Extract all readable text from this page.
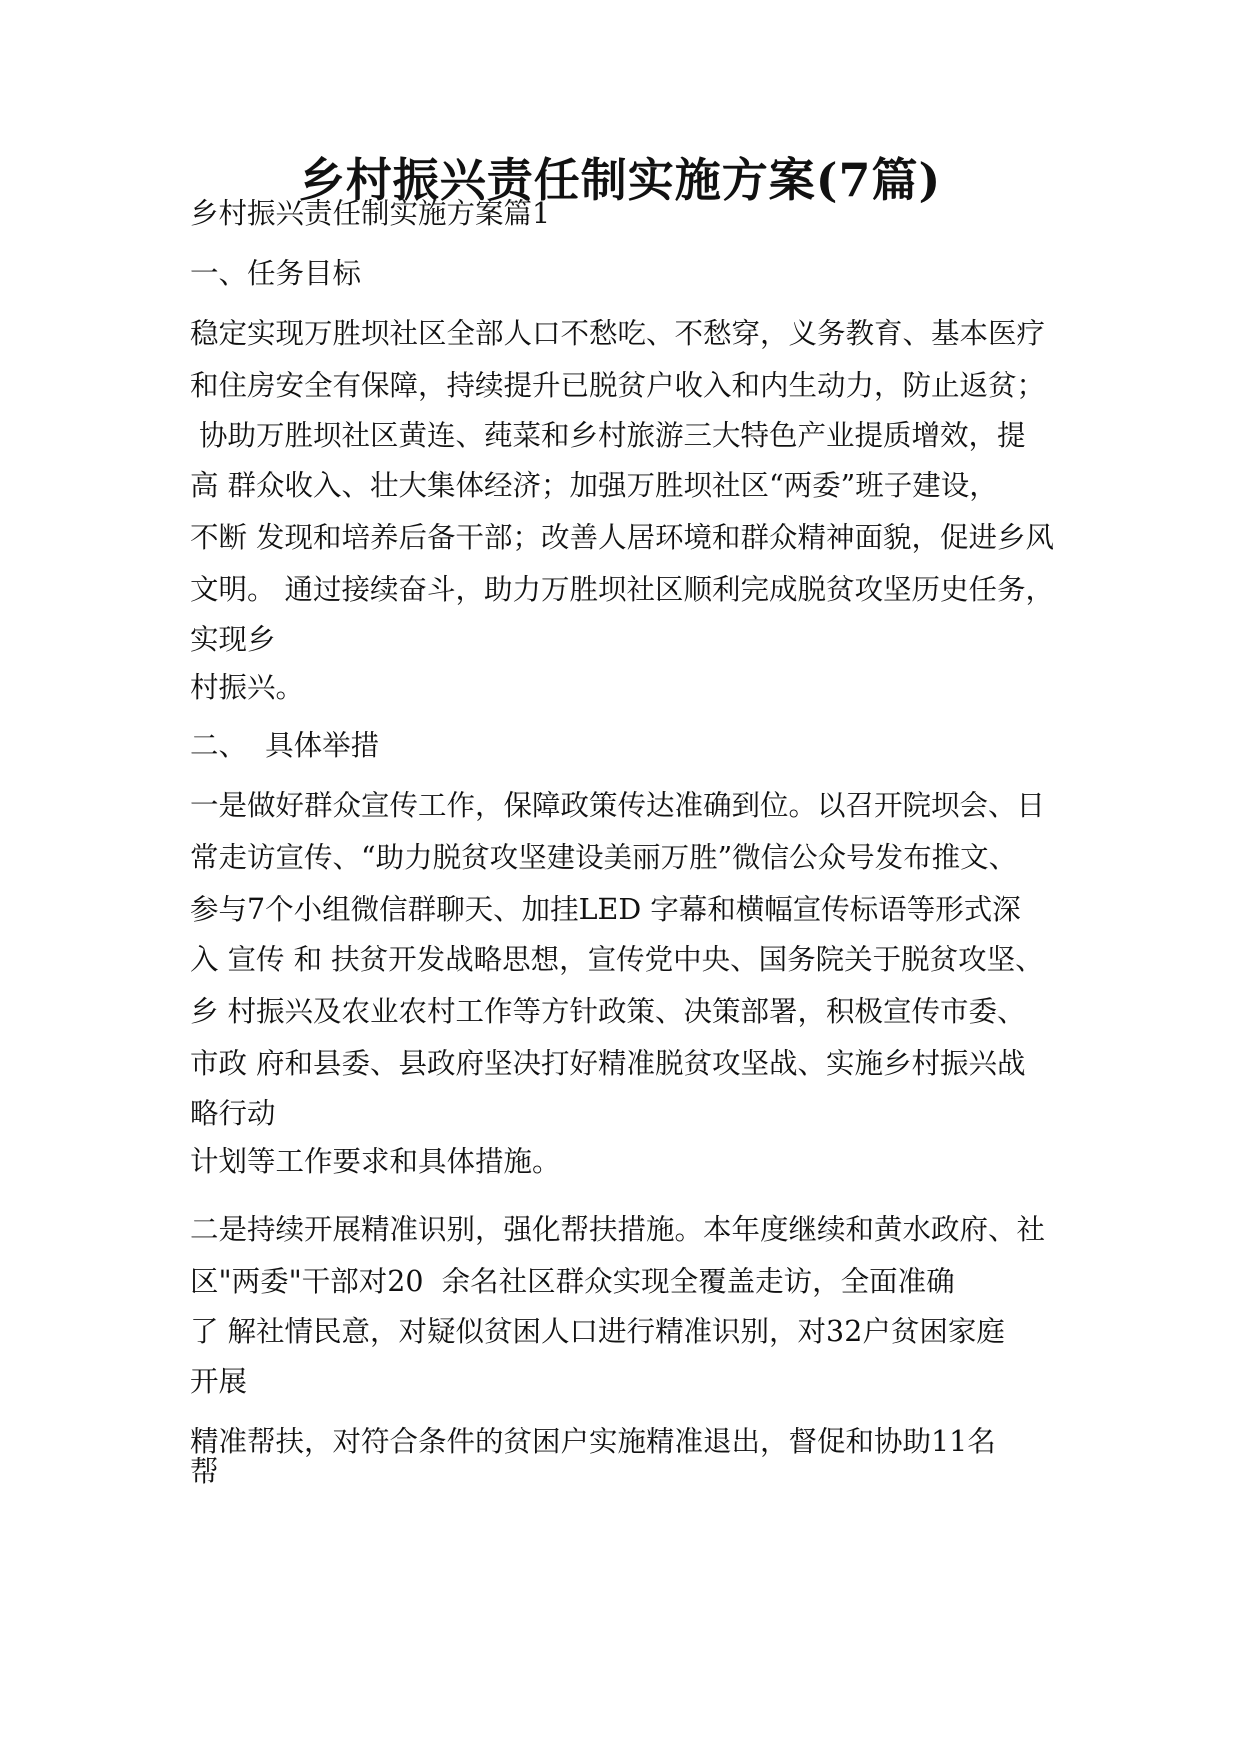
乡村振兴责任制实施方案(7篇)
乡村振兴责任制实施方案篇1
一、任务目标
稳定实现万胜坝社区全部人口不愁吃、不愁穿，义务教育、基本医疗
和住房安全有保障，持续提升已脱贫户收入和内生动力，防止返贫；
协助万胜坝社区黄连、莼菜和乡村旅游三大特色产业提质增效，提
高 群众收入、壮大集体经济；加强万胜坝社区“两委”班子建设，
不断 发现和培养后备干部；改善人居环境和群众精神面貌，促进乡风
文明。 通过接续奋斗，助力万胜坝社区顺利完成脱贫攻坚历史任务，
实现乡
村振兴。
二、  具体举措
一是做好群众宣传工作，保障政策传达准确到位。以召开院坝会、日
常走访宣传、“助力脱贫攻坚建设美丽万胜”微信公众号发布推文、
参与7个小组微信群聊天、加挂LED 字幕和横幅宣传标语等形式深
入 宣传 和 扶贫开发战略思想，宣传党中央、国务院关于脱贫攻坚、
乡 村振兴及农业农村工作等方针政策、决策部署，积极宣传市委、
市政 府和县委、县政府坚决打好精准脱贫攻坚战、实施乡村振兴战
略行动
计划等工作要求和具体措施。
二是持续开展精准识别，强化帮扶措施。本年度继续和黄水政府、社
区"两委"干部对20  余名社区群众实现全覆盖走访，全面准确
了 解社情民意，对疑似贫困人口进行精准识别，对32户贫困家庭
开展
精准帮扶，对符合条件的贫困户实施精准退出，督促和协助11名
帮
